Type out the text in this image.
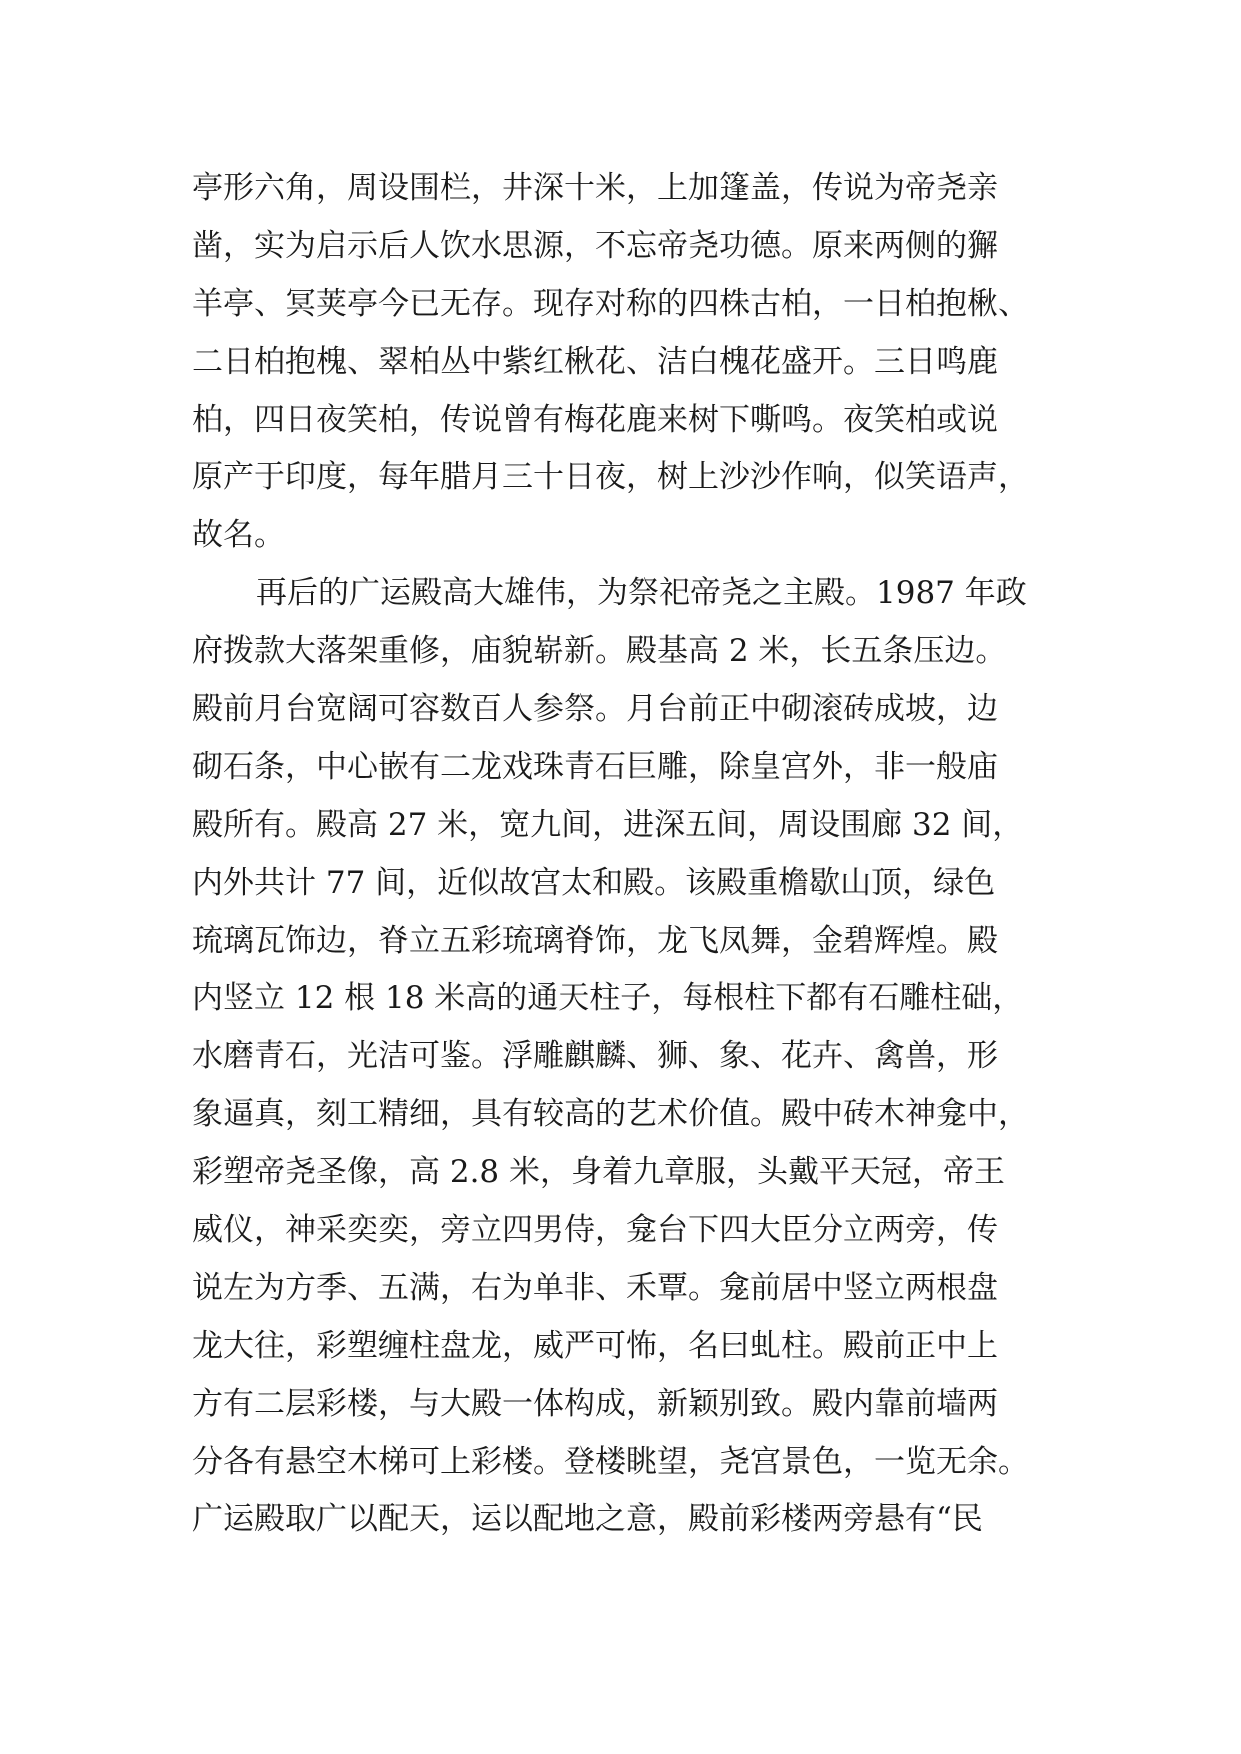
亭形六角，周设围栏，井深十米，上加篷盖，传说为帝尧亲
凿，实为启示后人饮水思源，不忘帝尧功德。原来两侧的獬
羊亭、冥荚亭今已无存。现存对称的四株古柏，一日柏抱楸、
二日柏抱槐、翠柏丛中紫红楸花、洁白槐花盛开。三日鸣鹿
柏，四日夜笑柏，传说曾有梅花鹿来树下嘶鸣。夜笑柏或说
原产于印度，每年腊月三十日夜，树上沙沙作响，似笑语声，
故名。
再后的广运殿高大雄伟，为祭祀帝尧之主殿。1987 年政
府拨款大落架重修，庙貌崭新。殿基高 2 米，长五条压边。
殿前月台宽阔可容数百人参祭。月台前正中砌滚砖成坡，边
砌石条，中心嵌有二龙戏珠青石巨雕，除皇宫外，非一般庙
殿所有。殿高 27 米，宽九间，进深五间，周设围廊 32 间，
内外共计 77 间，近似故宫太和殿。该殿重檐歇山顶，绿色
琉璃瓦饰边，脊立五彩琉璃脊饰，龙飞凤舞，金碧辉煌。殿
内竖立 12 根 18 米高的通天柱子，每根柱下都有石雕柱础，
水磨青石，光洁可鉴。浮雕麒麟、狮、象、花卉、禽兽，形
象逼真，刻工精细，具有较高的艺术价值。殿中砖木神龛中，
彩塑帝尧圣像，高 2.8 米，身着九章服，头戴平天冠，帝王
威仪，神采奕奕，旁立四男侍，龛台下四大臣分立两旁，传
说左为方季、五满，右为单非、禾覃。龛前居中竖立两根盘
龙大往，彩塑缠柱盘龙，威严可怖，名曰虬柱。殿前正中上
方有二层彩楼，与大殿一体构成，新颖别致。殿内靠前墙两
分各有悬空木梯可上彩楼。登楼眺望，尧宫景色，一览无余。
广运殿取广以配天，运以配地之意，殿前彩楼两旁悬有“民
